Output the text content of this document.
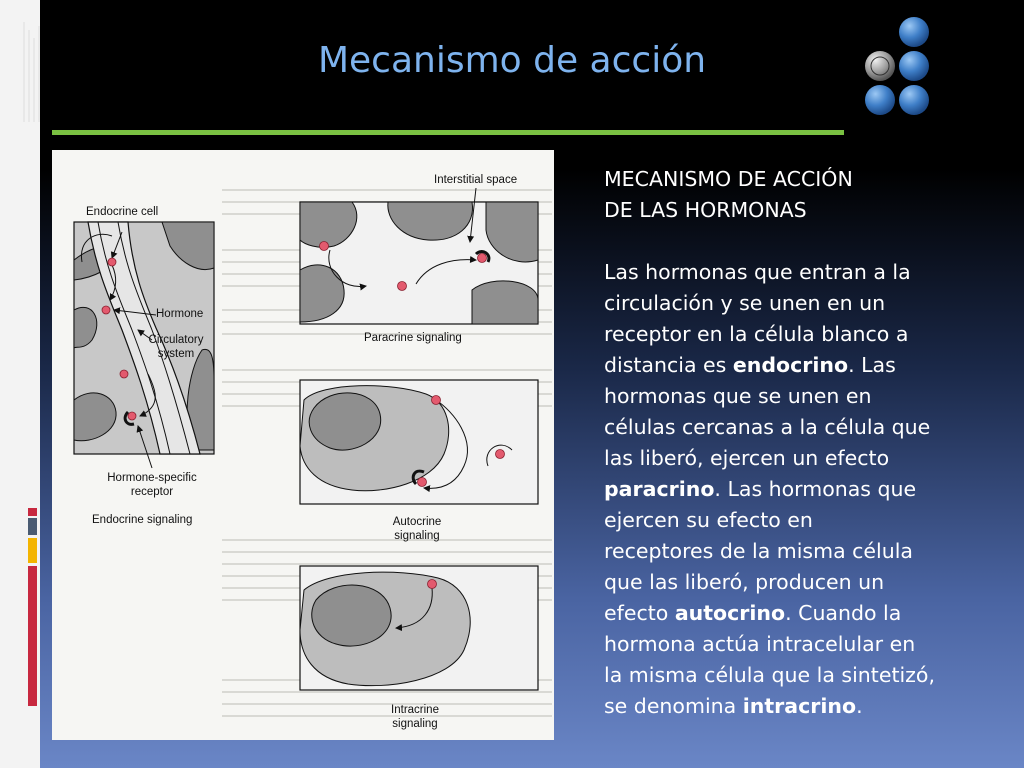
Mecanismo de acción
Endocrine cell
Hormone
Circulatory
system
Hormone-specific
receptor
Endocrine signaling
Interstitial space
Paracrine signaling
Autocrine
signaling
Intracrine
signaling

MECANISMO DE ACCIÓN

DE LAS HORMONAS

Las hormonas que entran a la

circulación y se unen en un

receptor en la célula blanco a

distancia es endocrino. Las

hormonas que se unen en

células cercanas a la célula que

las liberó, ejercen un efecto

paracrino. Las hormonas que

ejercen su efecto en

receptores de la misma célula

que las liberó, producen un

efecto autocrino. Cuando la

hormona actúa intracelular en

la misma célula que la sintetizó,

se denomina intracrino.
